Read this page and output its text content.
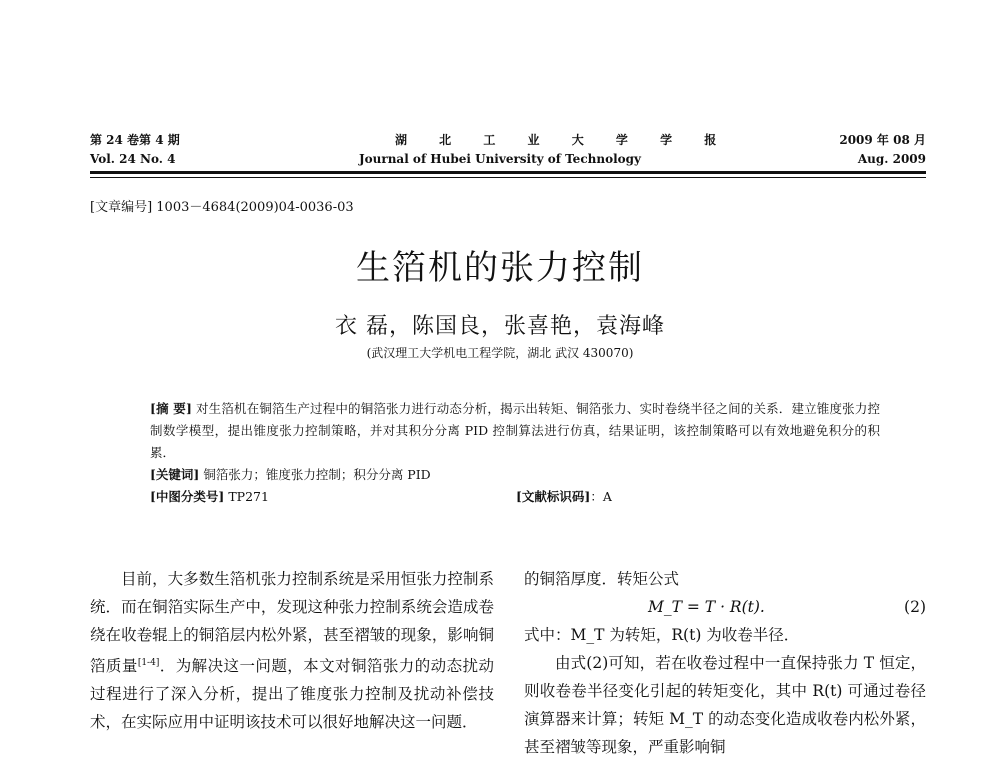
第 24 卷第 4 期
Vol. 24 No. 4
湖 北 工 业 大 学 学 报
Journal of Hubei University of Technology
2009 年 08 月
Aug. 2009
[文章编号] 1003－4684(2009)04-0036-03
生箔机的张力控制
衣 磊，陈国良，张喜艳，袁海峰
(武汉理工大学机电工程学院，湖北 武汉 430070)

[摘 要] 对生箔机在铜箔生产过程中的铜箔张力进行动态分析，揭示出转矩、铜箔张力、实时卷绕半径之间的关系．建立锥度张力控制数学模型，提出锥度张力控制策略，并对其积分分离 PID 控制算法进行仿真，结果证明，该控制策略可以有效地避免积分的积累．

[关键词] 铜箔张力；锥度张力控制；积分分离 PID

[中图分类号] TP271	[文献标识码]：A

目前，大多数生箔机张力控制系统是采用恒张力控制系统．而在铜箔实际生产中，发现这种张力控制系统会造成卷绕在收卷辊上的铜箔层内松外紧，甚至褶皱的现象，影响铜箔质量[1-4]．为解决这一问题，本文对铜箔张力的动态扰动过程进行了深入分析，提出了锥度张力控制及扰动补偿技术，在实际应用中证明该技术可以很好地解决这一问题．

的铜箔厚度．转矩公式

M_T = T · R(t).	(2)

式中：M_T 为转矩，R(t) 为收卷半径．

由式(2)可知，若在收卷过程中一直保持张力 T 恒定，则收卷卷半径变化引起的转矩变化，其中 R(t) 可通过卷径演算器来计算；转矩 M_T 的动态变化造成收卷内松外紧，甚至褶皱等现象，严重影响铜
